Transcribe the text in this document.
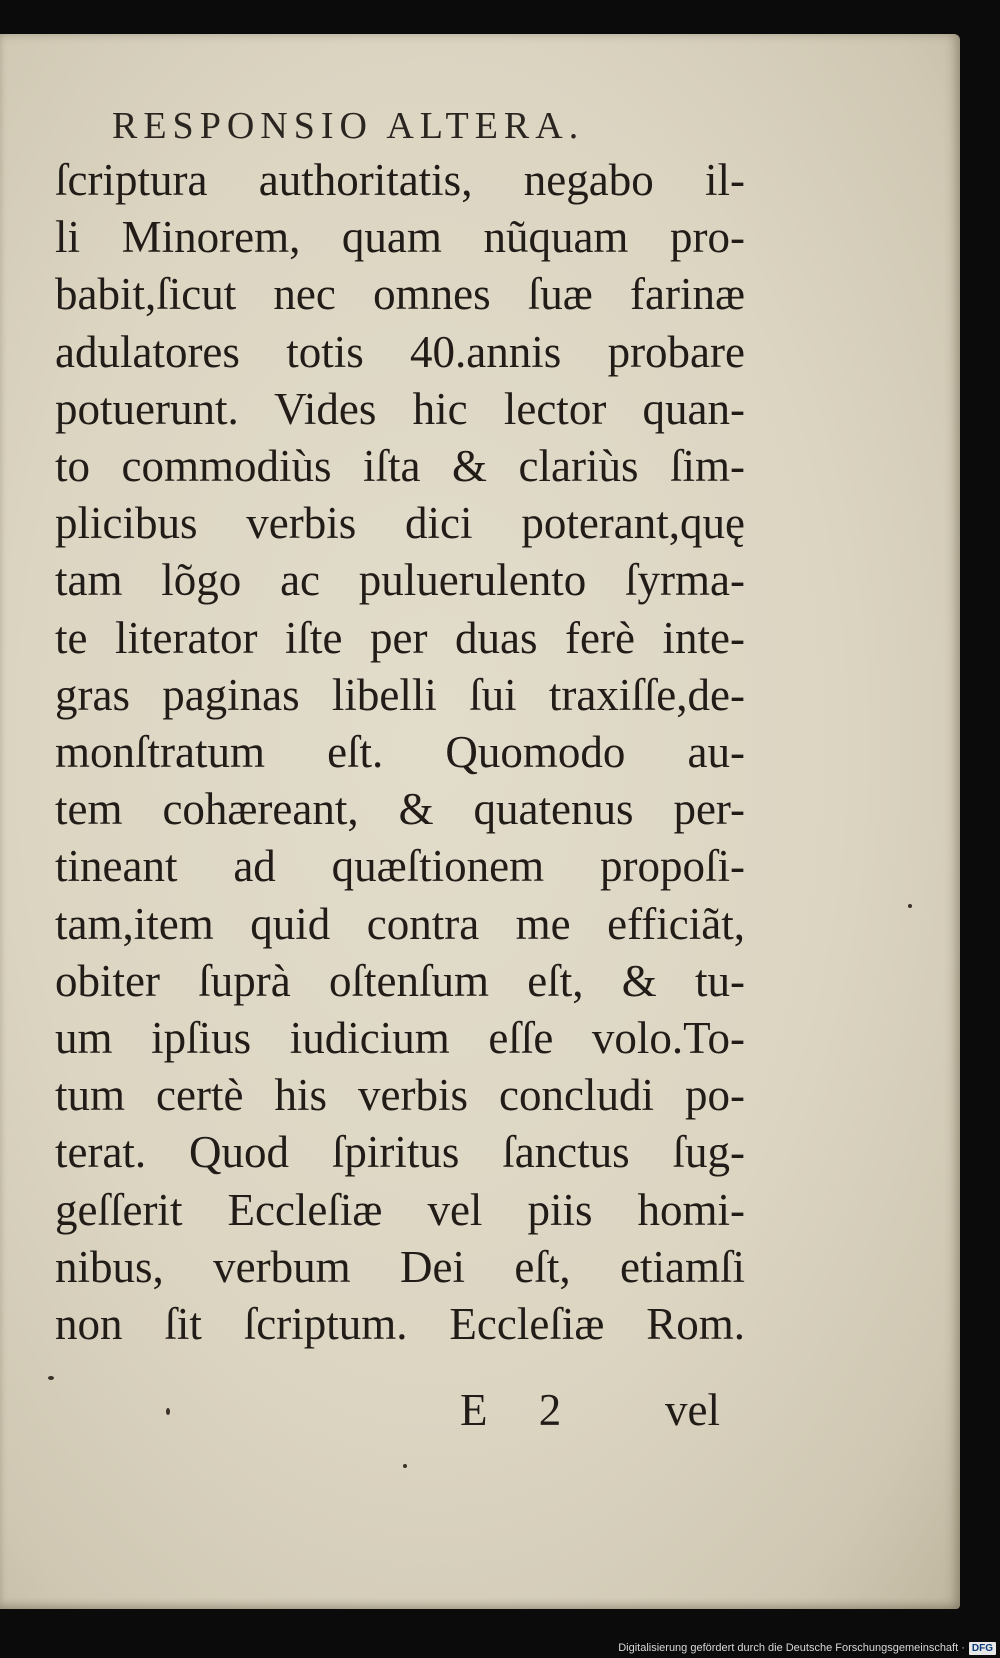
RESPONSIO ALTERA.
ſcriptura authoritatis, negabo il-
li Minorem, quam nũquam pro-
babit,ſicut nec omnes ſuæ farinæ
adulatores totis 40.annis probare
potuerunt. Vides hic lector quan-
to commodiùs iſta & clariùs ſim-
plicibus verbis dici poterant,quę
tam lõgo ac puluerulento ſyrma-
te literator iſte per duas ferè inte-
gras paginas libelli ſui traxiſſe,de-
monſtratum eſt. Quomodo au-
tem cohæreant, & quatenus per-
tineant ad quæſtionem propoſi-
tam,item quid contra me efficiãt,
obiter ſuprà oſtenſum eſt, & tu-
um ipſius iudicium eſſe volo.To-
tum certè his verbis concludi po-
terat. Quod ſpiritus ſanctus ſug-
geſſerit Eccleſiæ vel piis homi-
nibus, verbum Dei eſt, etiamſi
non ſit ſcriptum. Eccleſiæ Rom.
E 2 vel
Digitalisierung gefördert durch die Deutsche Forschungsgemeinschaft · DFG
